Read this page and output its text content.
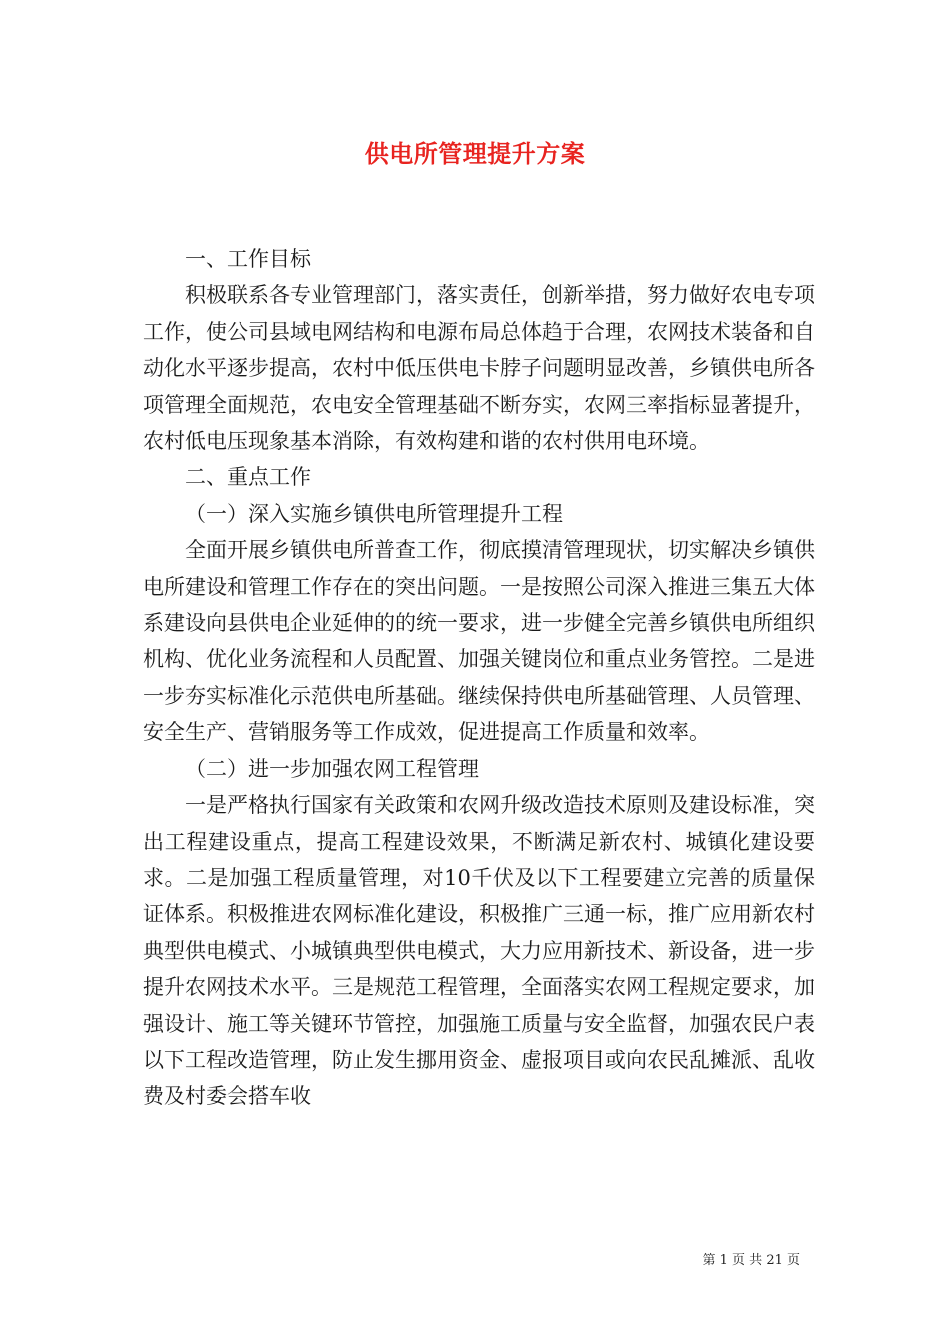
供电所管理提升方案

一、工作目标

积极联系各专业管理部门，落实责任，创新举措，努力做好农电专项工作，使公司县域电网结构和电源布局总体趋于合理，农网技术装备和自动化水平逐步提高，农村中低压供电卡脖子问题明显改善，乡镇供电所各项管理全面规范，农电安全管理基础不断夯实，农网三率指标显著提升，农村低电压现象基本消除，有效构建和谐的农村供用电环境。

二、重点工作

（一）深入实施乡镇供电所管理提升工程

全面开展乡镇供电所普查工作，彻底摸清管理现状，切实解决乡镇供电所建设和管理工作存在的突出问题。一是按照公司深入推进三集五大体系建设向县供电企业延伸的的统一要求，进一步健全完善乡镇供电所组织机构、优化业务流程和人员配置、加强关键岗位和重点业务管控。二是进一步夯实标准化示范供电所基础。继续保持供电所基础管理、人员管理、安全生产、营销服务等工作成效，促进提高工作质量和效率。

（二）进一步加强农网工程管理

一是严格执行国家有关政策和农网升级改造技术原则及建设标准，突出工程建设重点，提高工程建设效果，不断满足新农村、城镇化建设要求。二是加强工程质量管理，对10千伏及以下工程要建立完善的质量保证体系。积极推进农网标准化建设，积极推广三通一标，推广应用新农村典型供电模式、小城镇典型供电模式，大力应用新技术、新设备，进一步提升农网技术水平。三是规范工程管理，全面落实农网工程规定要求，加强设计、施工等关键环节管控，加强施工质量与安全监督，加强农民户表以下工程改造管理，防止发生挪用资金、虚报项目或向农民乱摊派、乱收费及村委会搭车收

第 1 页 共 21 页
